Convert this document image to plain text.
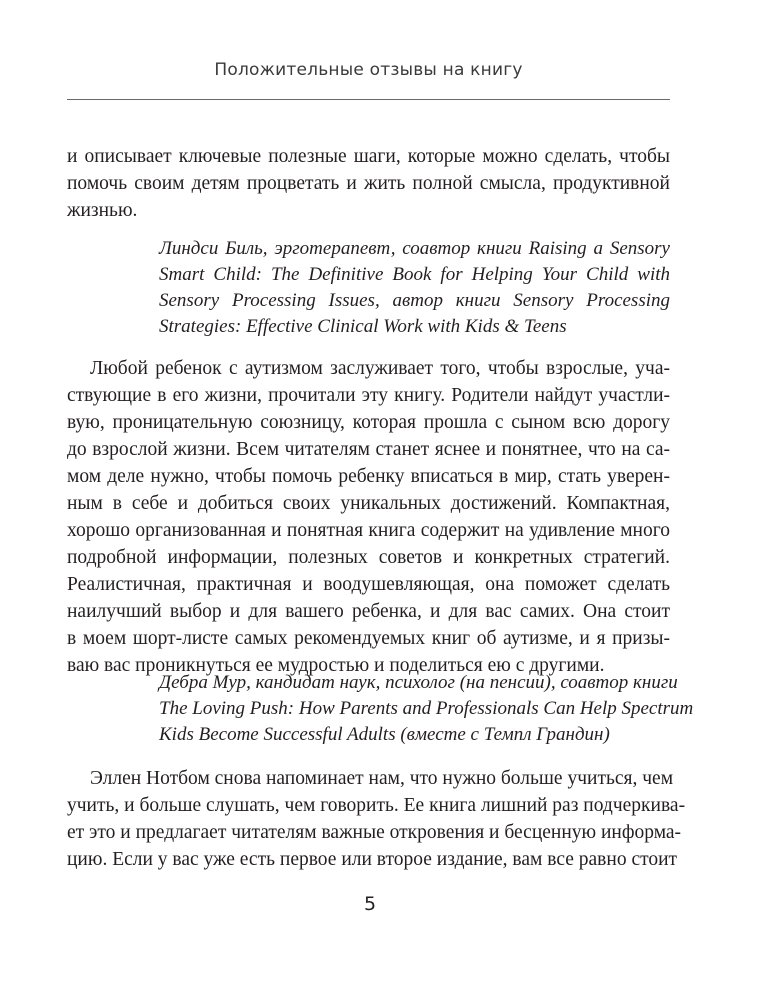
Положительные отзывы на книгу
и описывает ключевые полезные шаги, которые можно сделать, чтобы
помочь своим детям процветать и жить полной смысла, продуктивной
жизнью.
Линдси Биль, эрготерапевт, соавтор книги Raising a Sensory
Smart Child: The Definitive Book for Helping Your Child with
Sensory Processing Issues, автор книги Sensory Processing
Strategies: Effective Clinical Work with Kids & Teens
Любой ребенок с аутизмом заслуживает того, чтобы взрослые, уча-
ствующие в его жизни, прочитали эту книгу. Родители найдут участли-
вую, проницательную союзницу, которая прошла с сыном всю дорогу
до взрослой жизни. Всем читателям станет яснее и понятнее, что на са-
мом деле нужно, чтобы помочь ребенку вписаться в мир, стать уверен-
ным в себе и добиться своих уникальных достижений. Компактная,
хорошо организованная и понятная книга содержит на удивление много
подробной информации, полезных советов и конкретных стратегий.
Реалистичная, практичная и воодушевляющая, она поможет сделать
наилучший выбор и для вашего ребенка, и для вас самих. Она стоит
в моем шорт-листе самых рекомендуемых книг об аутизме, и я призы-
ваю вас проникнуться ее мудростью и поделиться ею с другими.
Дебра Мур, кандидат наук, психолог (на пенсии), соавтор книги
The Loving Push: How Parents and Professionals Can Help Spectrum
Kids Become Successful Adults (вместе с Темпл Грандин)
Эллен Нотбом снова напоминает нам, что нужно больше учиться, чем
учить, и больше слушать, чем говорить. Ее книга лишний раз подчеркива-
ет это и предлагает читателям важные откровения и бесценную информа-
цию. Если у вас уже есть первое или второе издание, вам все равно стоит
5
